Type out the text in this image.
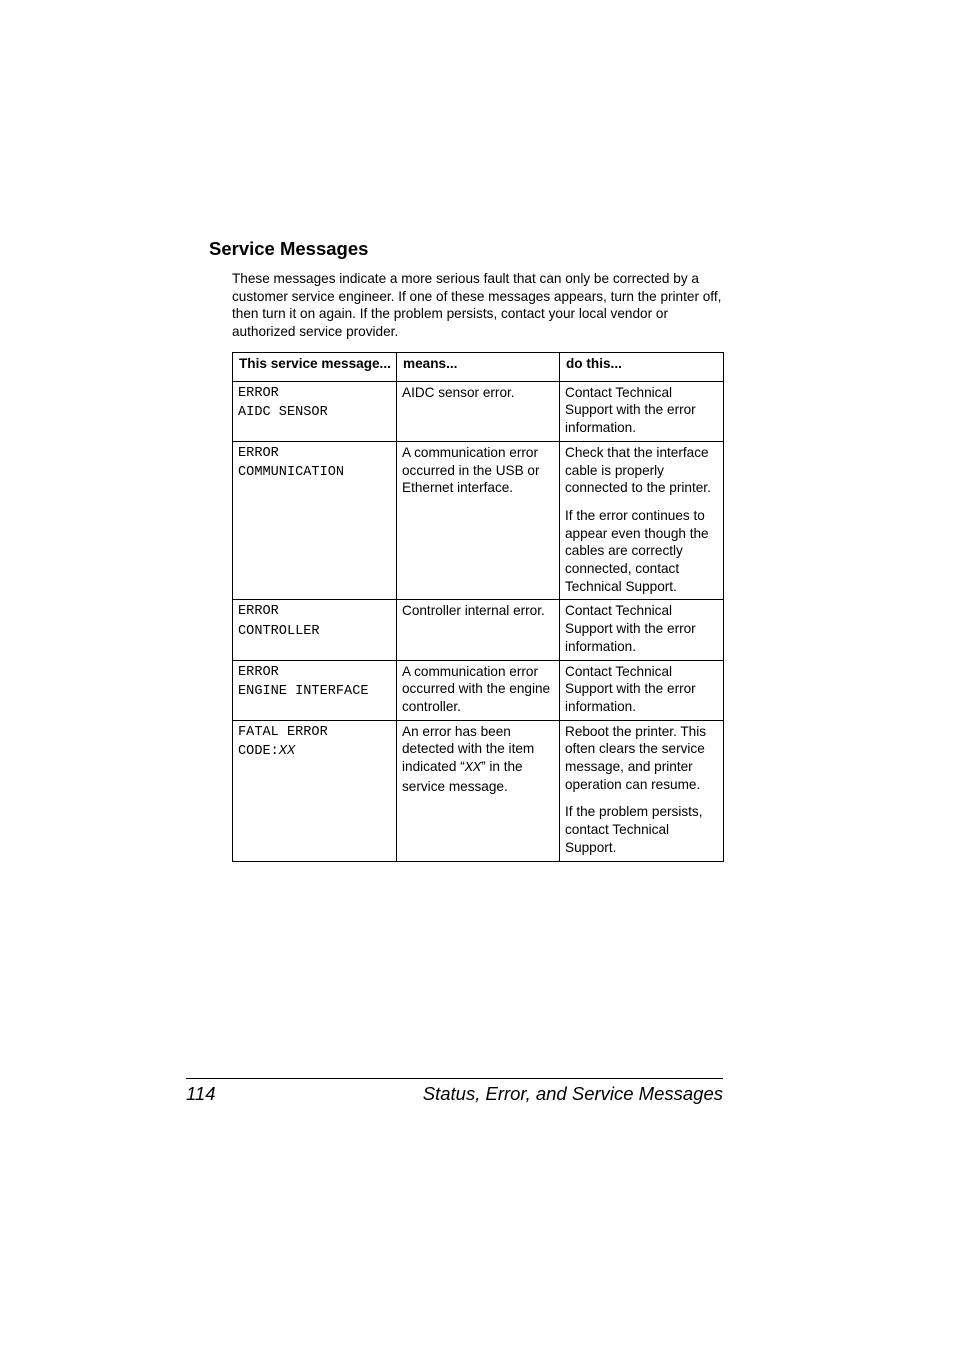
Service Messages

These messages indicate a more serious fault that can only be corrected by a customer service engineer. If one of these messages appears, turn the printer off, then turn it on again. If the problem persists, contact your local vendor or authorized service provider.

This service message...	means...	do this...

ERROR
AIDC SENSOR	AIDC sensor error.	Contact Technical Support with the error information.

ERROR
COMMUNICATION	A communication error occurred in the USB or Ethernet interface.	Check that the interface cable is properly connected to the printer.
If the error continues to appear even though the cables are correctly connected, contact Technical Support.

ERROR
CONTROLLER	Controller internal error.	Contact Technical Support with the error information.

ERROR
ENGINE INTERFACE	A communication error occurred with the engine controller.	Contact Technical Support with the error information.

FATAL ERROR
CODE:XX	An error has been detected with the item indicated “XX” in the service message.	Reboot the printer. This often clears the service message, and printer operation can resume.
If the problem persists, contact Technical Support.
114	Status, Error, and Service Messages
